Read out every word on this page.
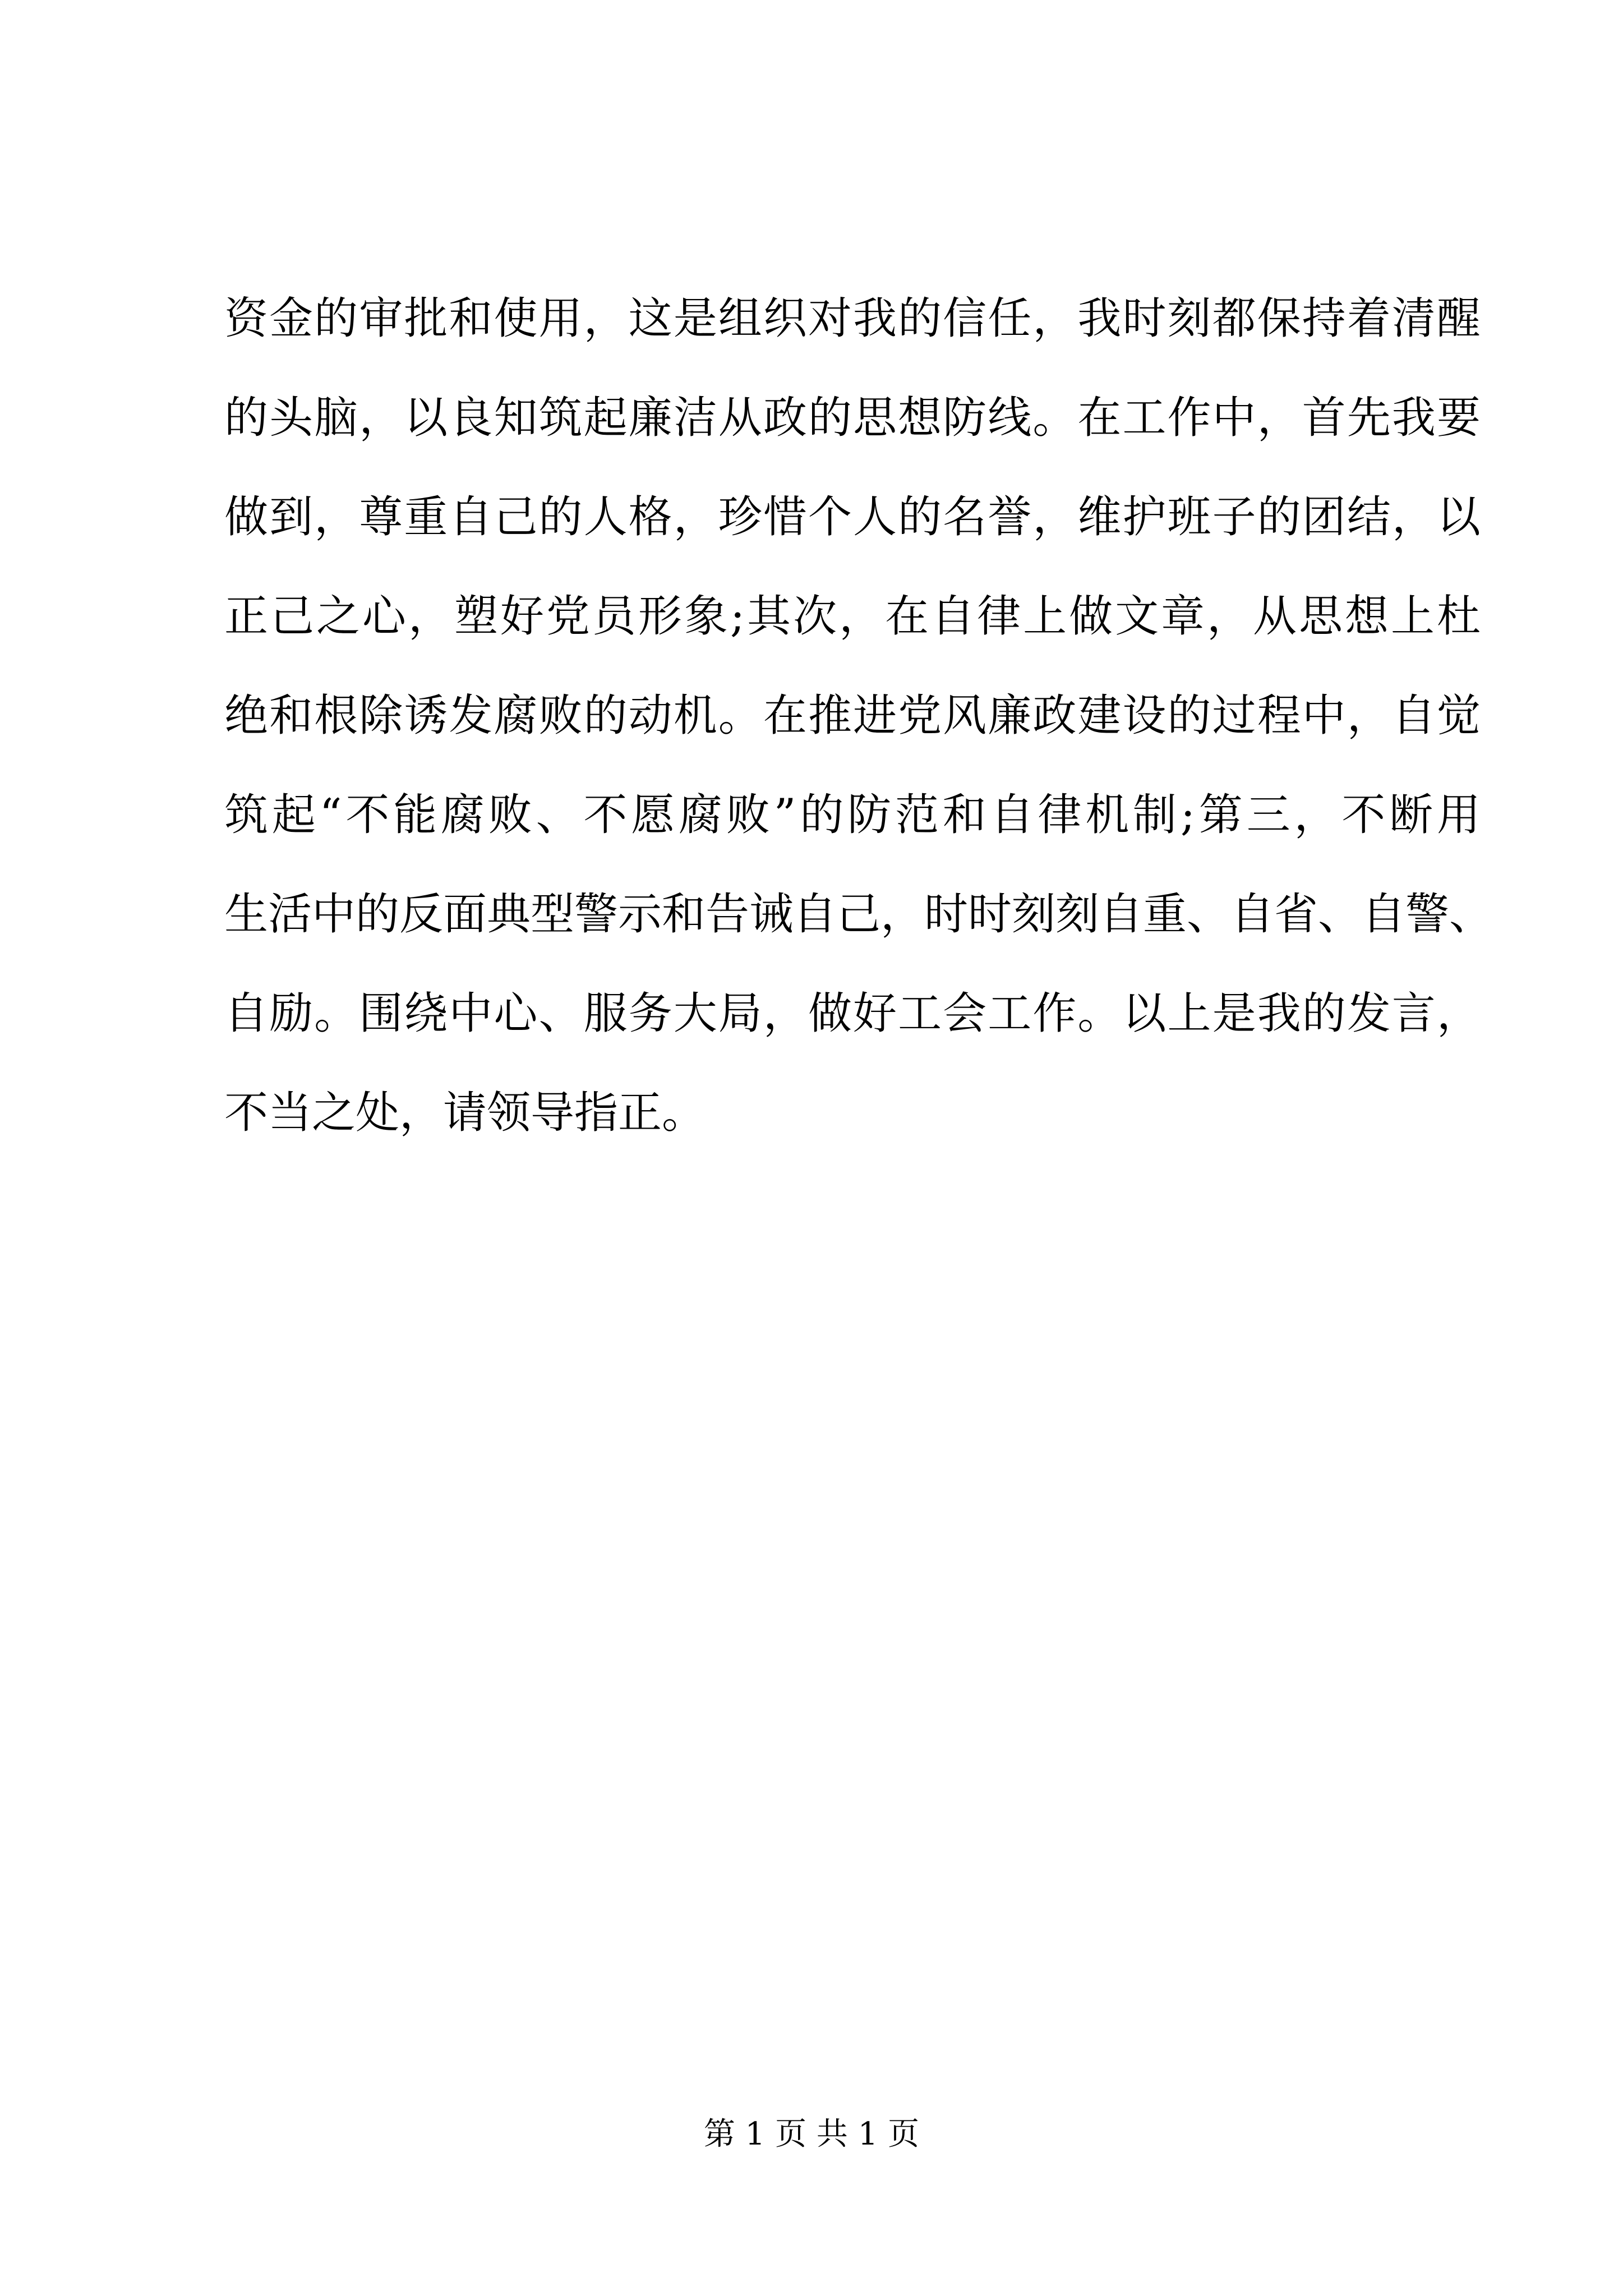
资金的审批和使用，这是组织对我的信任，我时刻都保持着清醒
的头脑，以良知筑起廉洁从政的思想防线。在工作中，首先我要
做到，尊重自己的人格，珍惜个人的名誉，维护班子的团结，以
正己之心，塑好党员形象;其次，在自律上做文章，从思想上杜
绝和根除诱发腐败的动机。在推进党风廉政建设的过程中，自觉
筑起“不能腐败、不愿腐败”的防范和自律机制;第三，不断用
生活中的反面典型警示和告诫自己，时时刻刻自重、自省、自警、
自励。围绕中心、服务大局，做好工会工作。以上是我的发言，
不当之处，请领导指正。
第 1 页 共 1 页
